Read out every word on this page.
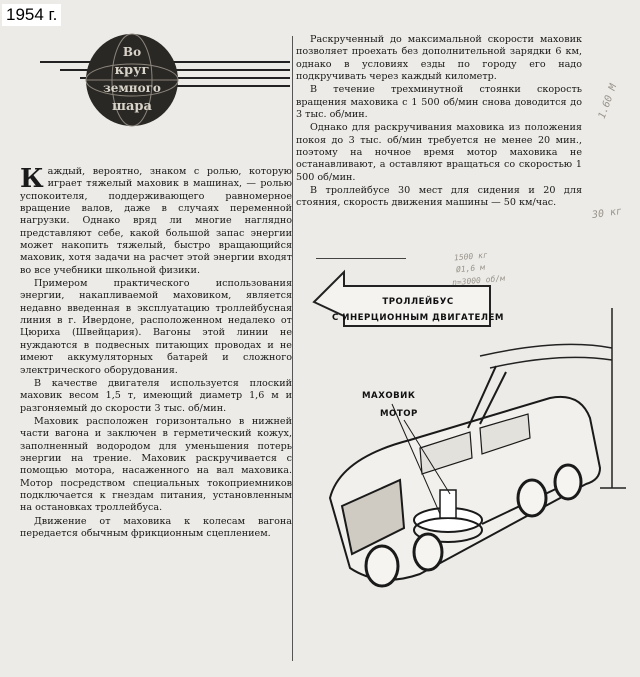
1954 г.
Во
круг
земного
шара

Каждый, вероятно, знаком с ролью, которую играет тяжелый маховик в машинах, — ролью успокоителя, поддерживающего равномерное вращение валов, даже в случаях переменной нагрузки. Однако вряд ли многие наглядно представляют себе, какой большой запас энергии может накопить тяжелый, быстро вращающийся маховик, хотя задачи на расчет этой энергии входят во все учебники школьной физики.

Примером практического использования энергии, накапливаемой маховиком, является недавно введенная в эксплуатацию троллейбусная линия в г. Ивердоне, расположенном недалеко от Цюриха (Швейцария). Вагоны этой линии не нуждаются в подвесных питающих проводах и не имеют аккумуляторных батарей и сложного электрического оборудования.

В качестве двигателя используется плоский маховик весом 1,5 т, имеющий диаметр 1,6 м и разгоняемый до скорости 3 тыс. об/мин.

Маховик расположен горизонтально в нижней части вагона и заключен в герметический кожух, заполненный водородом для уменьшения потерь энергии на трение. Маховик раскручивается с помощью мотора, насаженного на вал маховика. Мотор посредством специальных токоприемников подключается к гнездам питания, установленным на остановках троллейбуса.

Движение от маховика к колесам вагона передается обычным фрикционным сцеплением.

Раскрученный до максимальной скорости маховик позволяет проехать без дополнительной зарядки 6 км, однако в условиях езды по городу его надо подкручивать через каждый километр.

В течение трехминутной стоянки скорость вращения маховика с 1 500 об/мин снова доводится до 3 тыс. об/мин.

Однако для раскручивания маховика из положения покоя до 3 тыс. об/мин требуется не менее 20 мин., поэтому на ночное время мотор маховика не останавливают, а оставляют вращаться со скоростью 1 500 об/мин.

В троллейбусе 30 мест для сидения и 20 для стояния, скорость движения машины — 50 км/час.

1.60 М
30 кг
1500 кг
Ø1,6 м
n=3000 об/м
ТРОЛЛЕЙБУС
С ИНЕРЦИОННЫМ ДВИГАТЕЛЕМ
МАХОВИК
МОТОР
